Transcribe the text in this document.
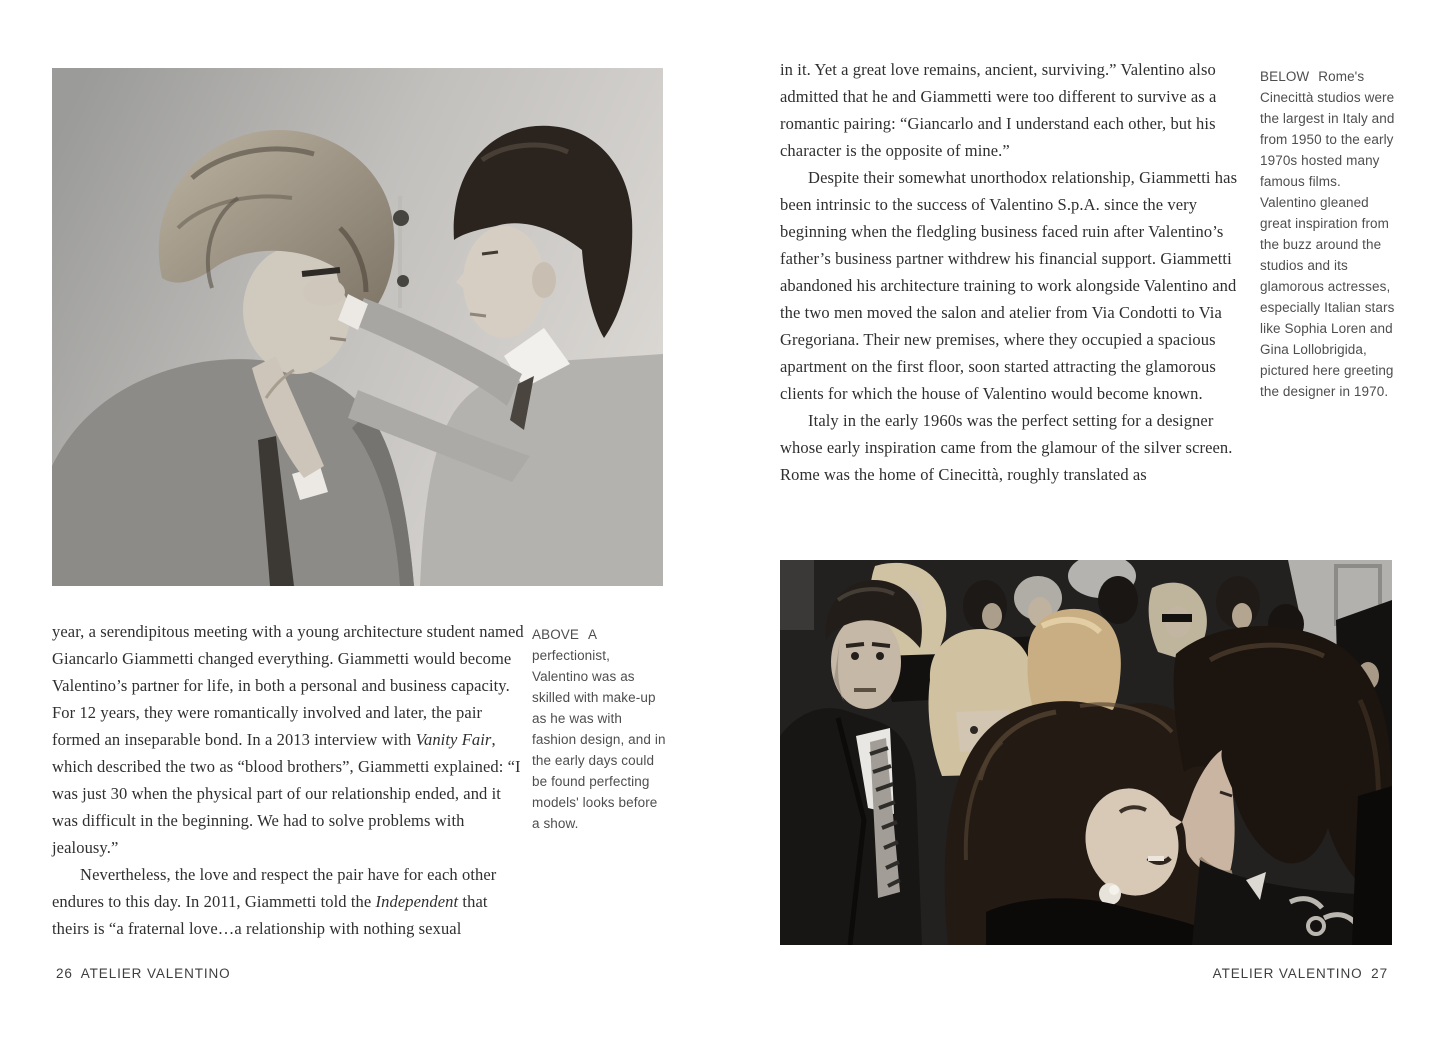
year, a serendipitous meeting with a young architecture student named Giancarlo Giammetti changed everything. Giammetti would become Valentino’s partner for life, in both a personal and business capacity. For 12 years, they were romantically involved and later, the pair formed an inseparable bond. In a 2013 interview with Vanity Fair, which described the two as “blood brothers”, Giammetti explained: “I was just 30 when the physical part of our relationship ended, and it was difficult in the beginning. We had to solve problems with jealousy.”

Nevertheless, the love and respect the pair have for each other endures to this day. In 2011, Giammetti told the Independent that theirs is “a fraternal love…a relationship with nothing sexual

ABOVE A perfectionist, Valentino was as skilled with make-up as he was with fashion design, and in the early days could be found perfecting models' looks before a show.
26 ATELIER VALENTINO

in it. Yet a great love remains, ancient, surviving.” Valentino also admitted that he and Giammetti were too different to survive as a romantic pairing: “Giancarlo and I understand each other, but his character is the opposite of mine.”

Despite their somewhat unorthodox relationship, Giammetti has been intrinsic to the success of Valentino S.p.A. since the very beginning when the fledgling business faced ruin after Valentino’s father’s business partner withdrew his financial support. Giammetti abandoned his architecture training to work alongside Valentino and the two men moved the salon and atelier from Via Condotti to Via Gregoriana. Their new premises, where they occupied a spacious apartment on the first floor, soon started attracting the glamorous clients for which the house of Valentino would become known.

Italy in the early 1960s was the perfect setting for a designer whose early inspiration came from the glamour of the silver screen. Rome was the home of Cinecittà, roughly translated as

BELOW Rome's Cinecittà studios were the largest in Italy and from 1950 to the early 1970s hosted many famous films. Valentino gleaned great inspiration from the buzz around the studios and its glamorous actresses, especially Italian stars like Sophia Loren and Gina Lollobrigida, pictured here greeting the designer in 1970.
ATELIER VALENTINO 27
